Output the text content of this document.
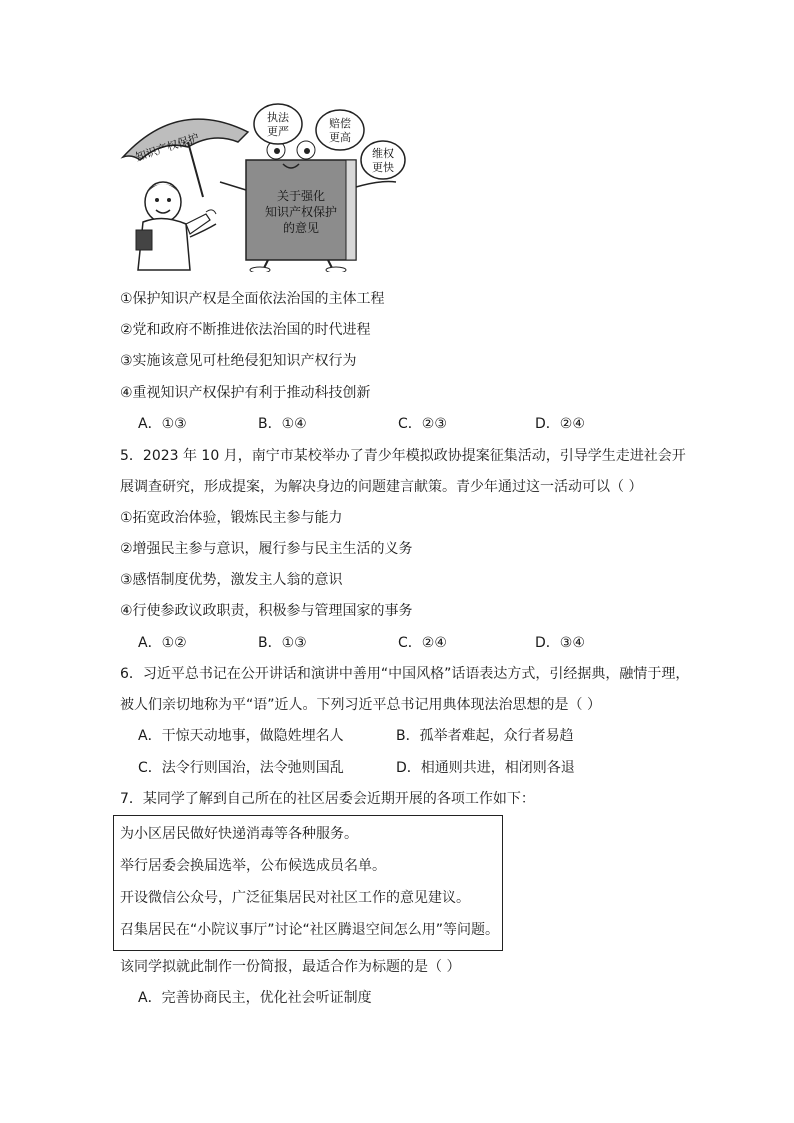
知识产权保护
关于强化
知识产权保护
的意见
执法
更严
赔偿
更高
维权
更快
①保护知识产权是全面依法治国的主体工程
②党和政府不断推进依法治国的时代进程
③实施该意见可杜绝侵犯知识产权行为
④重视知识产权保护有利于推动科技创新
A．①③	B．①④	C．②③	D．②④
5．2023 年 10 月，南宁市某校举办了青少年模拟政协提案征集活动，引导学生走进社会开
展调查研究，形成提案，为解决身边的问题建言献策。青少年通过这一活动可以（ ）
①拓宽政治体验，锻炼民主参与能力
②增强民主参与意识，履行参与民主生活的义务
③感悟制度优势，激发主人翁的意识
④行使参政议政职责，积极参与管理国家的事务
A．①②	B．①③	C．②④	D．③④
6．习近平总书记在公开讲话和演讲中善用“中国风格”话语表达方式，引经据典，融情于理，
被人们亲切地称为平“语”近人。下列习近平总书记用典体现法治思想的是（ ）
A．干惊天动地事，做隐姓埋名人	B．孤举者难起，众行者易趋
C．法令行则国治，法令弛则国乱	D．相通则共进，相闭则各退
7．某同学了解到自己所在的社区居委会近期开展的各项工作如下：
为小区居民做好快递消毒等各种服务。
举行居委会换届选举，公布候选成员名单。
开设微信公众号，广泛征集居民对社区工作的意见建议。
召集居民在“小院议事厅”讨论“社区腾退空间怎么用”等问题。
该同学拟就此制作一份简报，最适合作为标题的是（ ）
A．完善协商民主，优化社会听证制度
